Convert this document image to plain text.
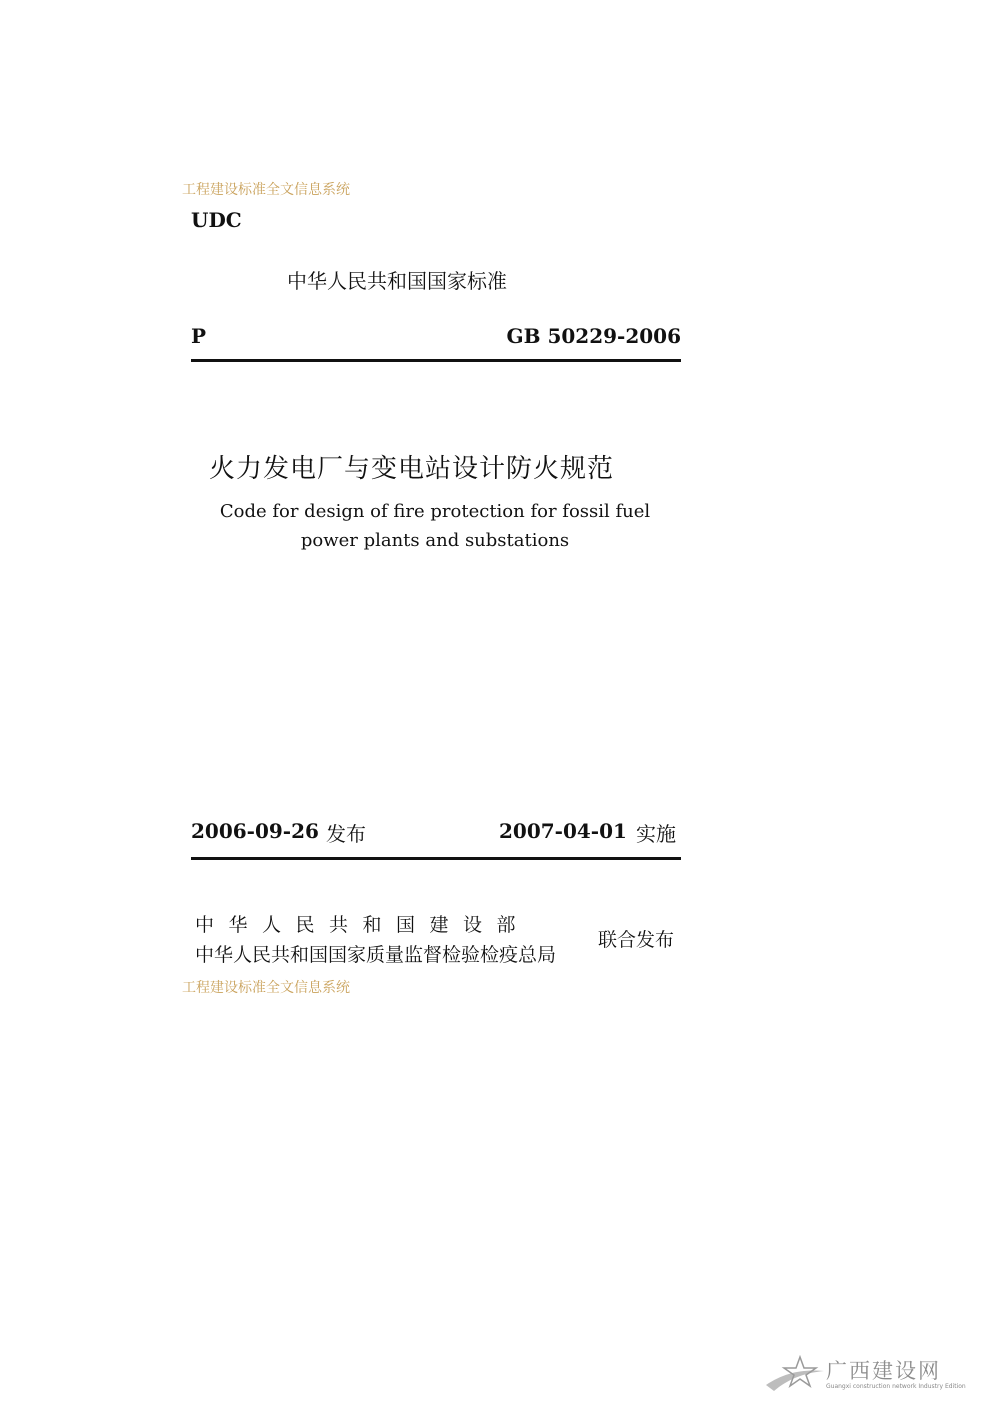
工程建设标准全文信息系统
UDC
中华人民共和国国家标准
P	GB 50229-2006
火力发电厂与变电站设计防火规范
Code for design of fire protection for fossil fuel
power plants and substations
2006-09-26 发布	2007-04-01 实施
中华人民共和国建设部
中华人民共和国国家质量监督检验检疫总局
联合发布
工程建设标准全文信息系统
广西建设网
Guangxi construction network Industry Edition
